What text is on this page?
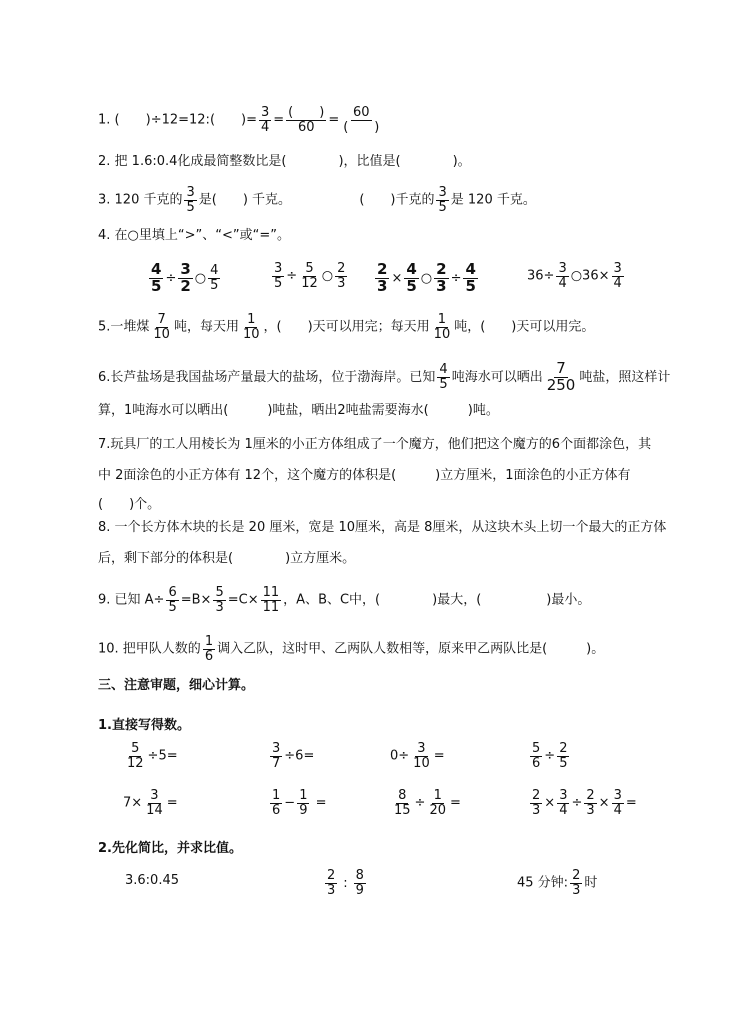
1. (　　)÷12=12:(　　)= $\frac{3}{4} = \frac{( )}{60} = \frac{60}{( )}$
2. 把 1.6:0.4化成最简整数比是(　　　　)，比值是(　　　　)。
3. 120 千克的 $\frac{3}{5}$ 是(　　) 千克。	(　　)千克的 $\frac{3}{5}$ 是 120 千克。
4. 在○里填上“>”、“<”或“=”。
$\frac{4}{5} \div \frac{3}{2}$ ○ $\frac{4}{5}$	$\frac{3}{5} \div \frac{5}{12}$ ○ $\frac{2}{3} \frac{2}{3} \times \frac{4}{5}$ ○ $\frac{2}{3} \div \frac{4}{5}$	$36\div \frac{3}{4}$ ○36× $\frac{3}{4}$
5.一堆煤 $\frac{7}{10}$ 吨，每天用 $\frac{1}{10}$ ，(　　)天可以用完；每天用 $\frac{1}{10}$ 吨，(　　)天可以用完。
6.长芦盐场是我国盐场产量最大的盐场，位于渤海岸。已知 $\frac{4}{5}$ 吨海水可以晒出 $\frac{7}{250}$ 吨盐，照这样计
算，1吨海水可以晒出(　　　)吨盐，晒出2吨盐需要海水(　　　)吨。
7.玩具厂的工人用棱长为 1厘米的小正方体组成了一个魔方，他们把这个魔方的6个面都涂色，其
中 2面涂色的小正方体有 12个，这个魔方的体积是(　　　)立方厘米，1面涂色的小正方体有
(　　)个。
8. 一个长方体木块的长是 20 厘米，宽是 10厘米，高是 8厘米，从这块木头上切一个最大的正方体
后，剩下部分的体积是(　　　　)立方厘米。
9. 已知 $A\div \frac{6}{5} =B\times \frac{5}{3} =C\times \frac{11}{11}$ ，A、B、C中，(　　　　)最大，(　　　　　)最小。
10. 把甲队人数的 $\frac{1}{6}$ 调入乙队，这时甲、乙两队人数相等，原来甲乙两队比是(　　　)。
三、注意审题，细心计算。
1.直接写得数。
$\frac{5}{12} \div 5=$	$\frac{3}{7} \div 6=$	$0\div \frac{3}{10}$ =	$\frac{5}{6} \div \frac{2}{5}$
$7\times \frac{3}{14}$ =	$\frac{1}{6} - \frac{1}{9}$ =	$\frac{8}{15} \div \frac{1}{20}$ =	$\frac{2}{3} \times \frac{3}{4} \div \frac{2}{3} \times \frac{3}{4}$ =
2.先化简比，并求比值。
3.6:0.45	$\frac{2}{3}$ : $\frac{8}{9}$	45 分钟: $\frac{2}{3}$ 时
